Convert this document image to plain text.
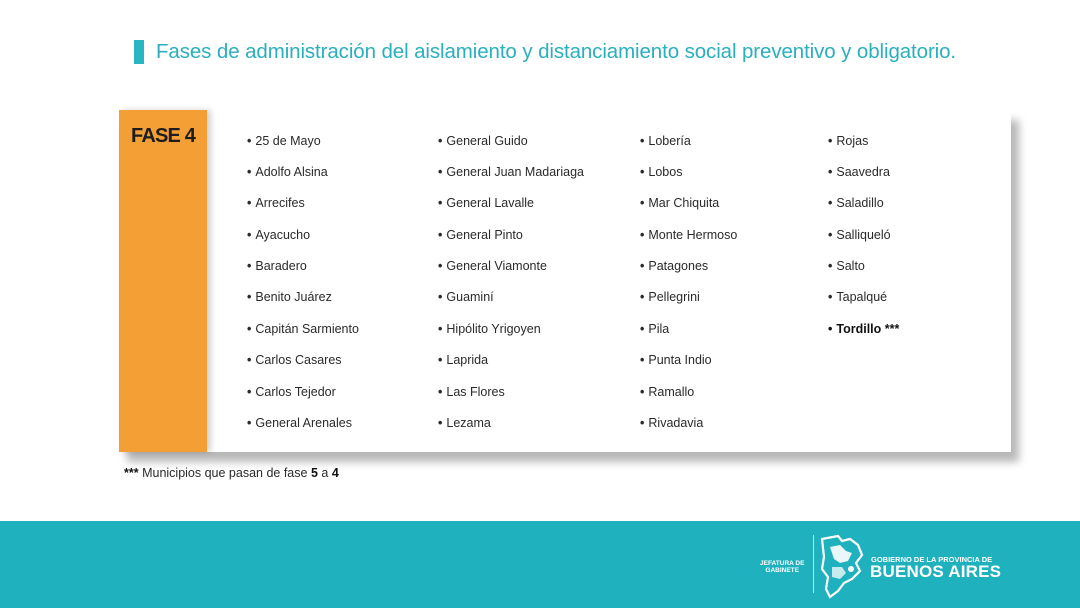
Fases de administración del aislamiento y distanciamiento social preventivo y obligatorio.
FASE 4	• 25 de Mayo
• Adolfo Alsina
• Arrecifes
• Ayacucho
• Baradero
• Benito Juárez
• Capitán Sarmiento
• Carlos Casares
• Carlos Tejedor
• General Arenales
• General Guido
• General Juan Madariaga
• General Lavalle
• General Pinto
• General Viamonte
• Guaminí
• Hipólito Yrigoyen
• Laprida
• Las Flores
• Lezama
• Lobería
• Lobos
• Mar Chiquita
• Monte Hermoso
• Patagones
• Pellegrini
• Pila
• Punta Indio
• Ramallo
• Rivadavia
• Rojas
• Saavedra
• Saladillo
• Salliqueló
• Salto
• Tapalqué
• Tordillo ***
*** Municipios que pasan de fase 5 a 4
JEFATURA DE
GABINETE
GOBIERNO DE LA PROVINCIA DE
BUENOS AIRES
